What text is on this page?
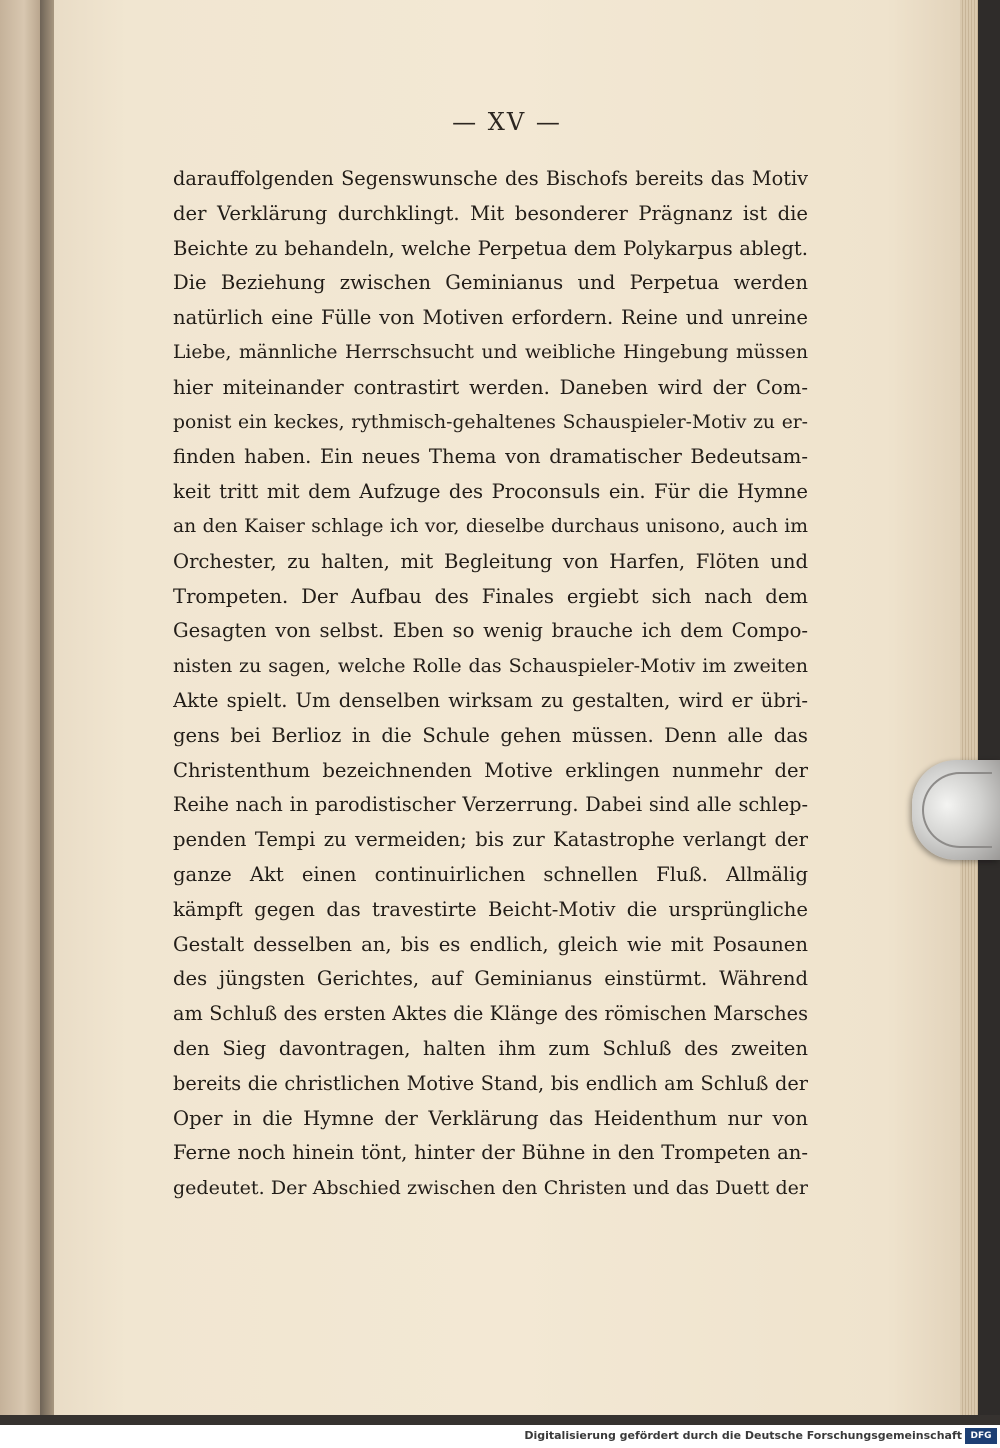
— XV —
darauffolgenden Segenswunsche des Bischofs bereits das Motiv
der Verklärung durchklingt. Mit besonderer Prägnanz ist die
Beichte zu behandeln, welche Perpetua dem Polykarpus ablegt.
Die Beziehung zwischen Geminianus und Perpetua werden
natürlich eine Fülle von Motiven erfordern. Reine und unreine
Liebe, männliche Herrschsucht und weibliche Hingebung müssen
hier miteinander contrastirt werden. Daneben wird der Com-
ponist ein keckes, rythmisch-gehaltenes Schauspieler-Motiv zu er-
finden haben. Ein neues Thema von dramatischer Bedeutsam-
keit tritt mit dem Aufzuge des Proconsuls ein. Für die Hymne
an den Kaiser schlage ich vor, dieselbe durchaus unisono, auch im
Orchester, zu halten, mit Begleitung von Harfen, Flöten und
Trompeten. Der Aufbau des Finales ergiebt sich nach dem
Gesagten von selbst. Eben so wenig brauche ich dem Compo-
nisten zu sagen, welche Rolle das Schauspieler-Motiv im zweiten
Akte spielt. Um denselben wirksam zu gestalten, wird er übri-
gens bei Berlioz in die Schule gehen müssen. Denn alle das
Christenthum bezeichnenden Motive erklingen nunmehr der
Reihe nach in parodistischer Verzerrung. Dabei sind alle schlep-
penden Tempi zu vermeiden; bis zur Katastrophe verlangt der
ganze Akt einen continuirlichen schnellen Fluß. Allmälig
kämpft gegen das travestirte Beicht-Motiv die ursprüngliche
Gestalt desselben an, bis es endlich, gleich wie mit Posaunen
des jüngsten Gerichtes, auf Geminianus einstürmt. Während
am Schluß des ersten Aktes die Klänge des römischen Marsches
den Sieg davontragen, halten ihm zum Schluß des zweiten
bereits die christlichen Motive Stand, bis endlich am Schluß der
Oper in die Hymne der Verklärung das Heidenthum nur von
Ferne noch hinein tönt, hinter der Bühne in den Trompeten an-
gedeutet. Der Abschied zwischen den Christen und das Duett der
Digitalisierung gefördert durch die Deutsche Forschungsgemeinschaft DFG
